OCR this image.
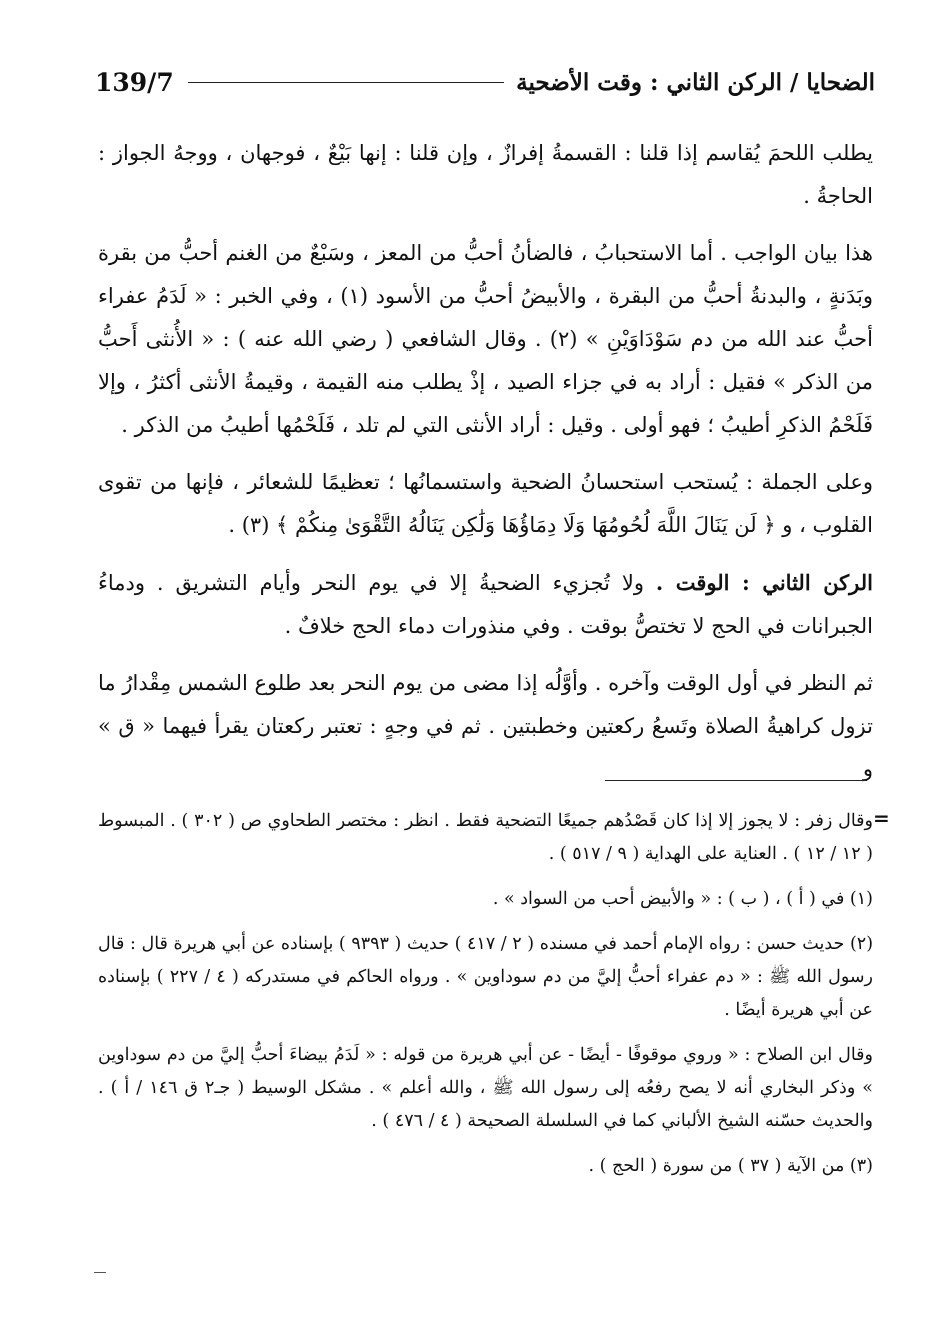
139/7	الضحايا / الركن الثاني : وقت الأضحية

يطلب اللحمَ يُقاسم إذا قلنا : القسمةُ إفرازٌ ، وإن قلنا : إنها بَيْعٌ ، فوجهان ، ووجهُ الجواز : الحاجةُ .

هذا بيان الواجب . أما الاستحبابُ ، فالضأنُ أحبُّ من المعز ، وسَبْعٌ من الغنم أحبُّ من بقرة وبَدَنةٍ ، والبدنةُ أحبُّ من البقرة ، والأبيضُ أحبُّ من الأسود (١) ، وفي الخبر : « لَدَمُ عفراء أحبُّ عند الله من دم سَوْدَاوَيْنِ » (٢) . وقال الشافعي ( رضي الله عنه ) : « الأُنثى أَحبُّ من الذكر » فقيل : أراد به في جزاء الصيد ، إذْ يطلب منه القيمة ، وقيمةُ الأنثى أكثرُ ، وإلا فَلَحْمُ الذكرِ أطيبُ ؛ فهو أولى . وقيل : أراد الأنثى التي لم تلد ، فَلَحْمُها أطيبُ من الذكر .

وعلى الجملة : يُستحب استحسانُ الضحية واستسمانُها ؛ تعظيمًا للشعائر ، فإنها من تقوى القلوب ، و ﴿ لَن يَنَالَ اللَّهَ لُحُومُهَا وَلَا دِمَاؤُهَا وَلَٰكِن يَنَالُهُ التَّقْوَىٰ مِنكُمْ ﴾ (٣) .

الركن الثاني : الوقت . ولا تُجزيء الضحيةُ إلا في يوم النحر وأيام التشريق . ودماءُ الجبرانات في الحج لا تختصُّ بوقت . وفي منذورات دماء الحج خلافٌ .

ثم النظر في أول الوقت وآخره . وأوَّلُه إذا مضى من يوم النحر بعد طلوع الشمس مِقْدارُ ما تزول كراهيةُ الصلاة وتَسعُ ركعتين وخطبتين . ثم في وجهٍ : تعتبر ركعتان يقرأ فيهما « ق » و

=

وقال زفر : لا يجوز إلا إذا كان قَصْدُهم جميعًا التضحية فقط . انظر : مختصر الطحاوي ص ( ٣٠٢ ) . المبسوط ( ١٢ / ١٢ ) . العناية على الهداية ( ٩ / ٥١٧ ) .

(١) في ( أ ) ، ( ب ) : « والأبيض أحب من السواد » .

(٢) حديث حسن : رواه الإمام أحمد في مسنده ( ٢ / ٤١٧ ) حديث ( ٩٣٩٣ ) بإسناده عن أبي هريرة قال : قال رسول الله ﷺ : « دم عفراء أحبُّ إليَّ من دم سوداوين » . ورواه الحاكم في مستدركه ( ٤ / ٢٢٧ ) بإسناده عن أبي هريرة أيضًا .

وقال ابن الصلاح : « وروي موقوفًا - أيضًا - عن أبي هريرة من قوله : « لَدَمُ بيضاءَ أحبُّ إليَّ من دم سوداوين » وذكر البخاري أنه لا يصح رفعُه إلى رسول الله ﷺ ، والله أعلم » . مشكل الوسيط ( جـ٢ ق ١٤٦ / أ ) . والحديث حسّنه الشيخ الألباني كما في السلسلة الصحيحة ( ٤ / ٤٧٦ ) .

(٣) من الآية ( ٣٧ ) من سورة ( الحج ) .
